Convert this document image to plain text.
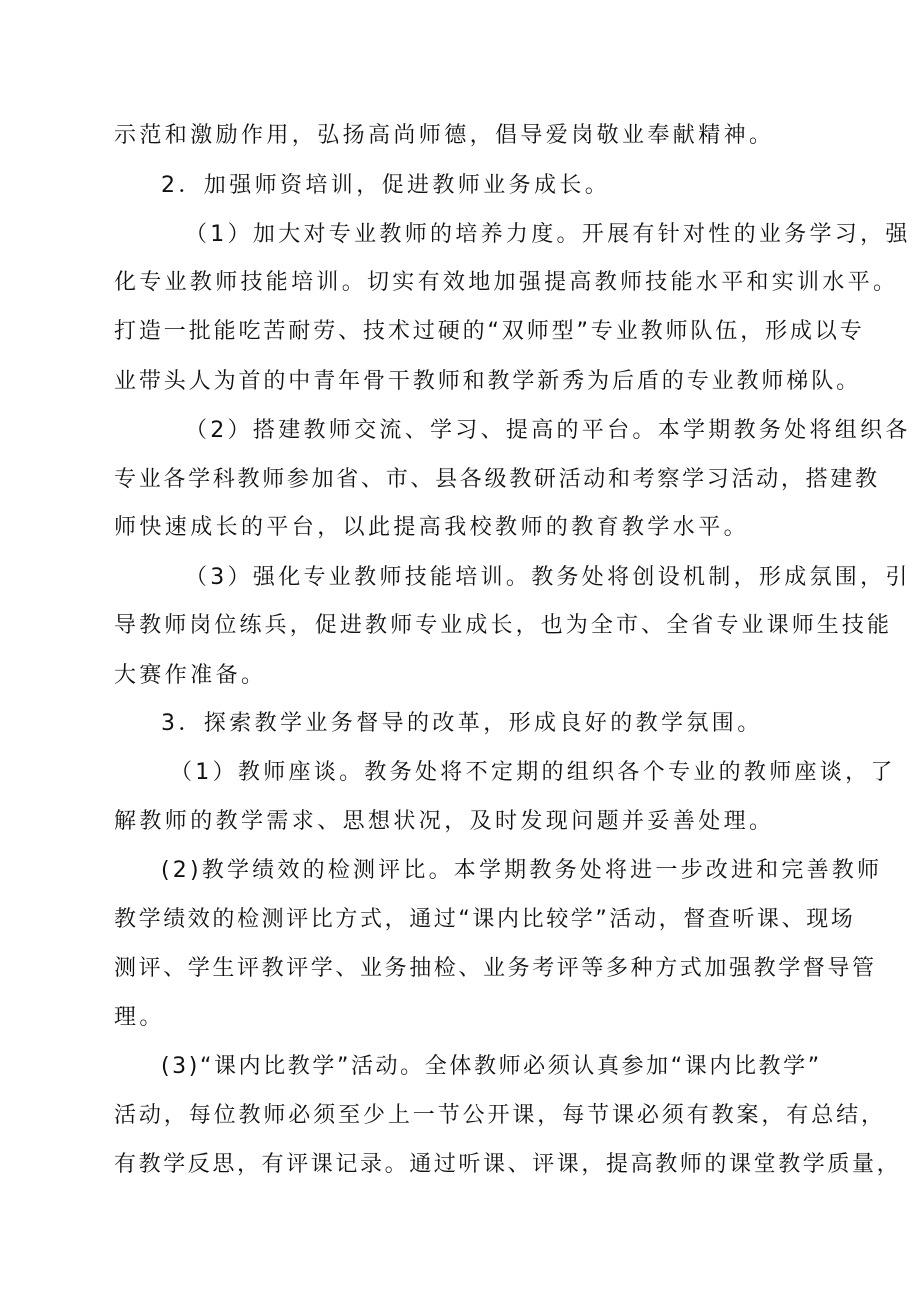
示范和激励作用，弘扬高尚师德，倡导爱岗敬业奉献精神。

2．加强师资培训，促进教师业务成长。

（1）加大对专业教师的培养力度。开展有针对性的业务学习，强

化专业教师技能培训。切实有效地加强提高教师技能水平和实训水平。

打造一批能吃苦耐劳、技术过硬的“双师型”专业教师队伍，形成以专

业带头人为首的中青年骨干教师和教学新秀为后盾的专业教师梯队。

（2）搭建教师交流、学习、提高的平台。本学期教务处将组织各

专业各学科教师参加省、市、县各级教研活动和考察学习活动，搭建教

师快速成长的平台，以此提高我校教师的教育教学水平。

（3）强化专业教师技能培训。教务处将创设机制，形成氛围，引

导教师岗位练兵，促进教师专业成长，也为全市、全省专业课师生技能

大赛作准备。

3．探索教学业务督导的改革，形成良好的教学氛围。

（1）教师座谈。教务处将不定期的组织各个专业的教师座谈，了

解教师的教学需求、思想状况，及时发现问题并妥善处理。

(2)教学绩效的检测评比。本学期教务处将进一步改进和完善教师

教学绩效的检测评比方式，通过“课内比较学”活动，督查听课、现场

测评、学生评教评学、业务抽检、业务考评等多种方式加强教学督导管

理。

(3)“课内比教学”活动。全体教师必须认真参加“课内比教学”

活动，每位教师必须至少上一节公开课，每节课必须有教案，有总结，

有教学反思，有评课记录。通过听课、评课，提高教师的课堂教学质量，
